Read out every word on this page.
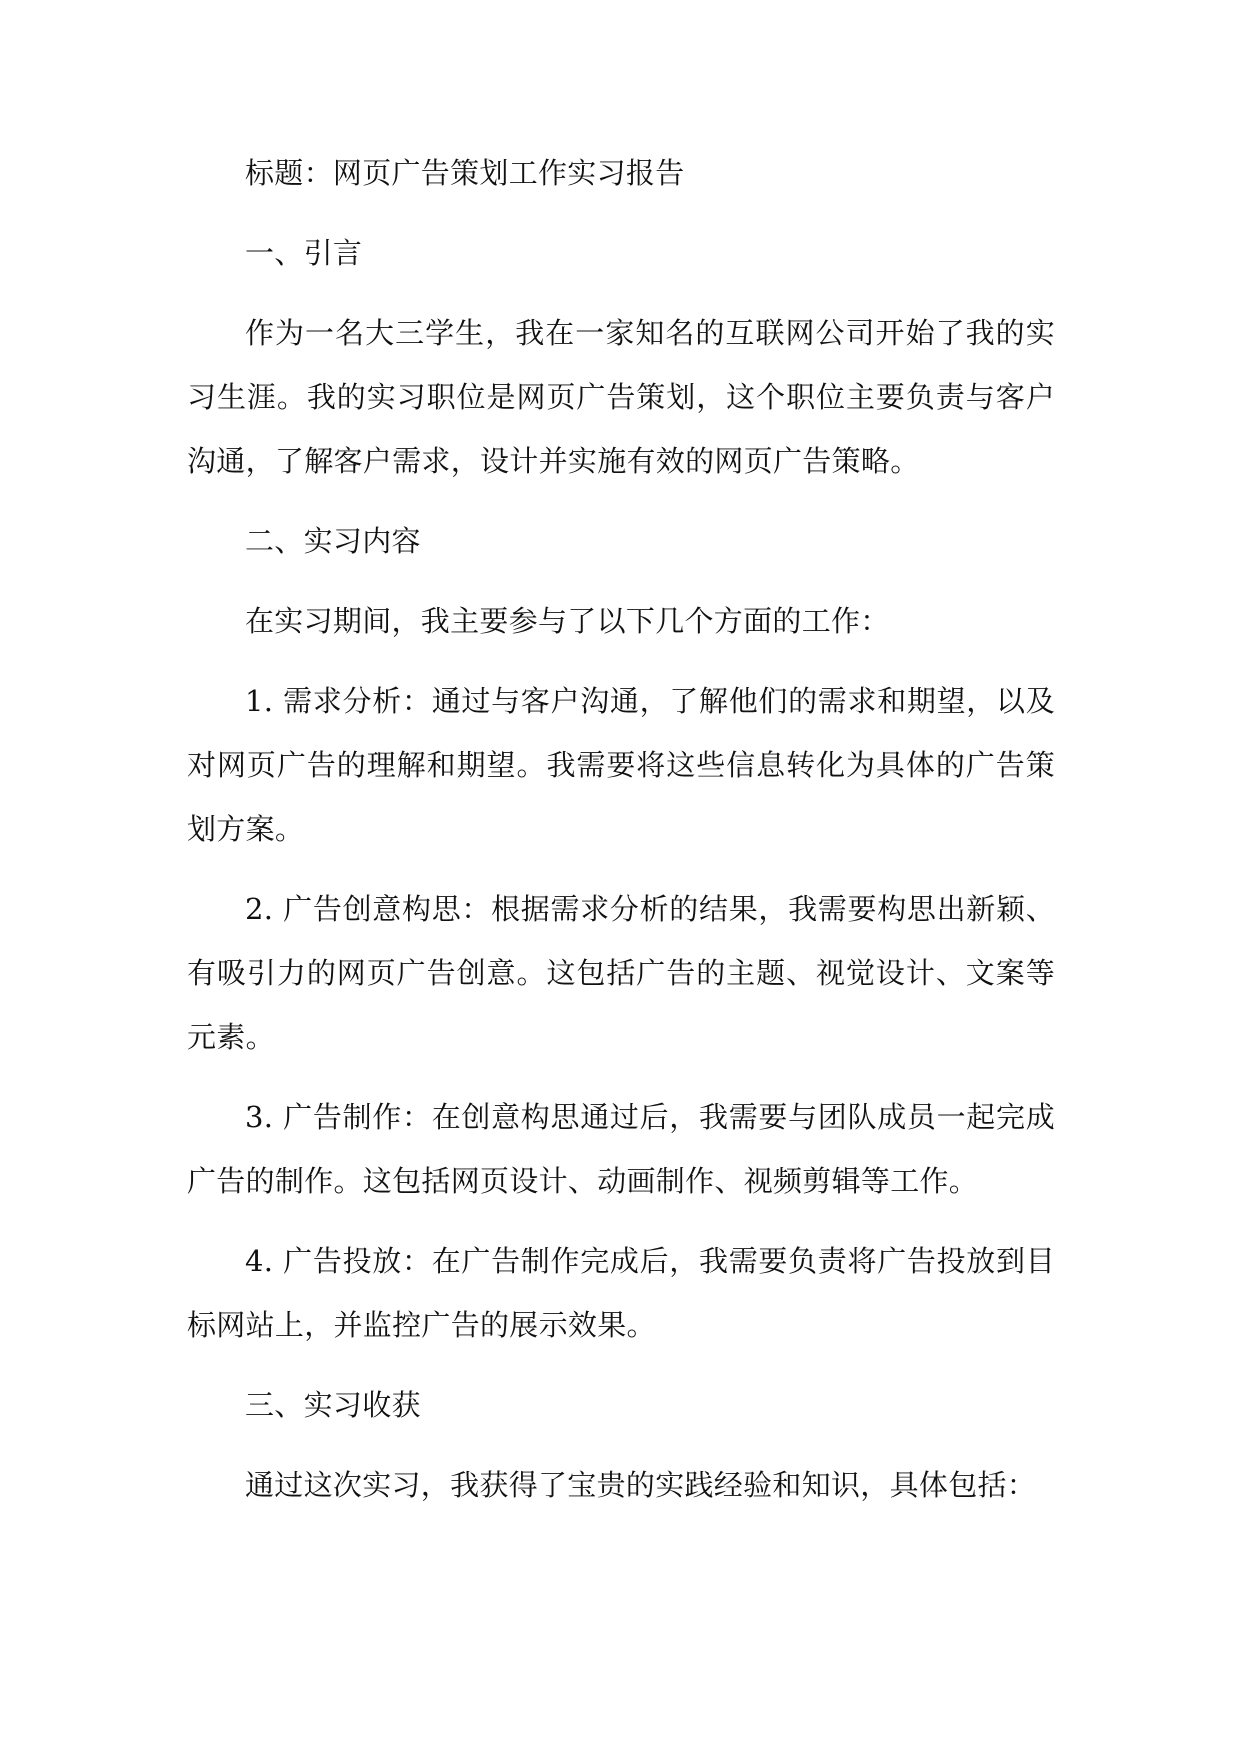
标题：网页广告策划工作实习报告

一、引言

作为一名大三学生，我在一家知名的互联网公司开始了我的实习生涯。我的实习职位是网页广告策划，这个职位主要负责与客户沟通，了解客户需求，设计并实施有效的网页广告策略。

二、实习内容

在实习期间，我主要参与了以下几个方面的工作：

1. 需求分析：通过与客户沟通，了解他们的需求和期望，以及对网页广告的理解和期望。我需要将这些信息转化为具体的广告策划方案。

2. 广告创意构思：根据需求分析的结果，我需要构思出新颖、有吸引力的网页广告创意。这包括广告的主题、视觉设计、文案等元素。

3. 广告制作：在创意构思通过后，我需要与团队成员一起完成广告的制作。这包括网页设计、动画制作、视频剪辑等工作。

4. 广告投放：在广告制作完成后，我需要负责将广告投放到目标网站上，并监控广告的展示效果。

三、实习收获

通过这次实习，我获得了宝贵的实践经验和知识，具体包括：
